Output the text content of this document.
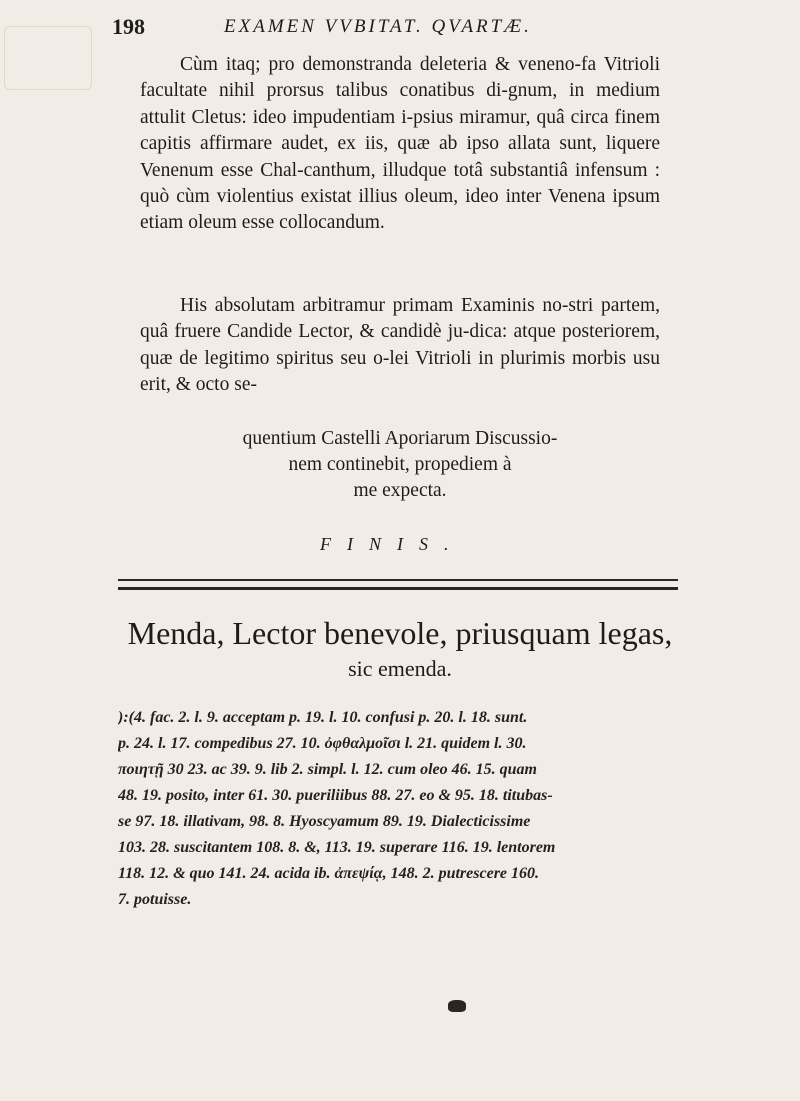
198	EXAMEN VVBITAT. QVARTÆ.

Cùm itaq; pro demonstranda deleteria & veneno-fa Vitrioli facultate nihil prorsus talibus conatibus di-gnum, in medium attulit Cletus: ideo impudentiam i-psius miramur, quâ circa finem capitis affirmare audet, ex iis, quæ ab ipso allata sunt, liquere Venenum esse Chal-canthum, illudque totâ substantiâ infensum : quò cùm violentius existat illius oleum, ideo inter Venena ipsum etiam oleum esse collocandum.

His absolutam arbitramur primam Examinis no-stri partem, quâ fruere Candide Lector, & candidè ju-dica: atque posteriorem, quæ de legitimo spiritus seu o-lei Vitrioli in plurimis morbis usu erit, & octo se-

quentium Castelli Aporiarum Discussio-
nem continebit, propediem à
me expecta.
FINIS.
Menda, Lector benevole, priusquam legas,
sic emenda.
):(4. fac. 2. l. 9. acceptam p. 19. l. 10. confusi p. 20. l. 18. sunt.
p. 24. l. 17. compedibus 27. 10. ὀφθαλμοῖσι l. 21. quidem l. 30.
ποιητῇ 30 23. ac 39. 9. lib 2. simpl. l. 12. cum oleo 46. 15. quam
48. 19. posito, inter 61. 30. pueriliibus 88. 27. eo & 95. 18. titubas-
se 97. 18. illativam, 98. 8. Hyoscyamum 89. 19. Dialecticissime
103. 28. suscitantem 108. 8. &, 113. 19. superare 116. 19. lentorem
118. 12. & quo 141. 24. acida ib. ἀπεψίᾳ, 148. 2. putrescere 160.
7. potuisse.
